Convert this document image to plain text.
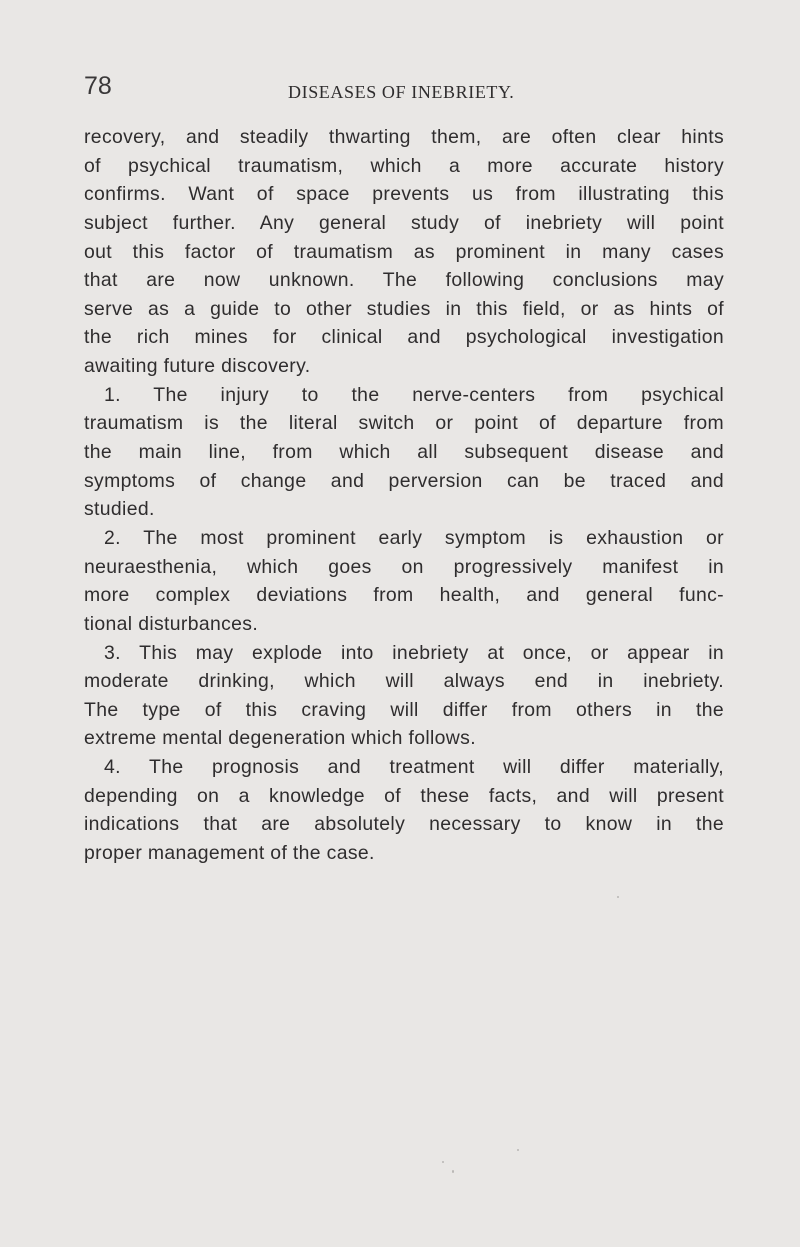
78	DISEASES OF INEBRIETY.
recovery, and steadily thwarting them, are often clear hints
of psychical traumatism, which a more accurate history
confirms. Want of space prevents us from illustrating this
subject further. Any general study of inebriety will point
out this factor of traumatism as prominent in many cases
that are now unknown. The following conclusions may
serve as a guide to other studies in this field, or as hints of
the rich mines for clinical and psychological investigation
awaiting future discovery.
1. The injury to the nerve-centers from psychical
traumatism is the literal switch or point of departure from
the main line, from which all subsequent disease and
symptoms of change and perversion can be traced and
studied.
2. The most prominent early symptom is exhaustion or
neuraesthenia, which goes on progressively manifest in
more complex deviations from health, and general func-
tional disturbances.
3. This may explode into inebriety at once, or appear in
moderate drinking, which will always end in inebriety.
The type of this craving will differ from others in the
extreme mental degeneration which follows.
4. The prognosis and treatment will differ materially,
depending on a knowledge of these facts, and will present
indications that are absolutely necessary to know in the
proper management of the case.
